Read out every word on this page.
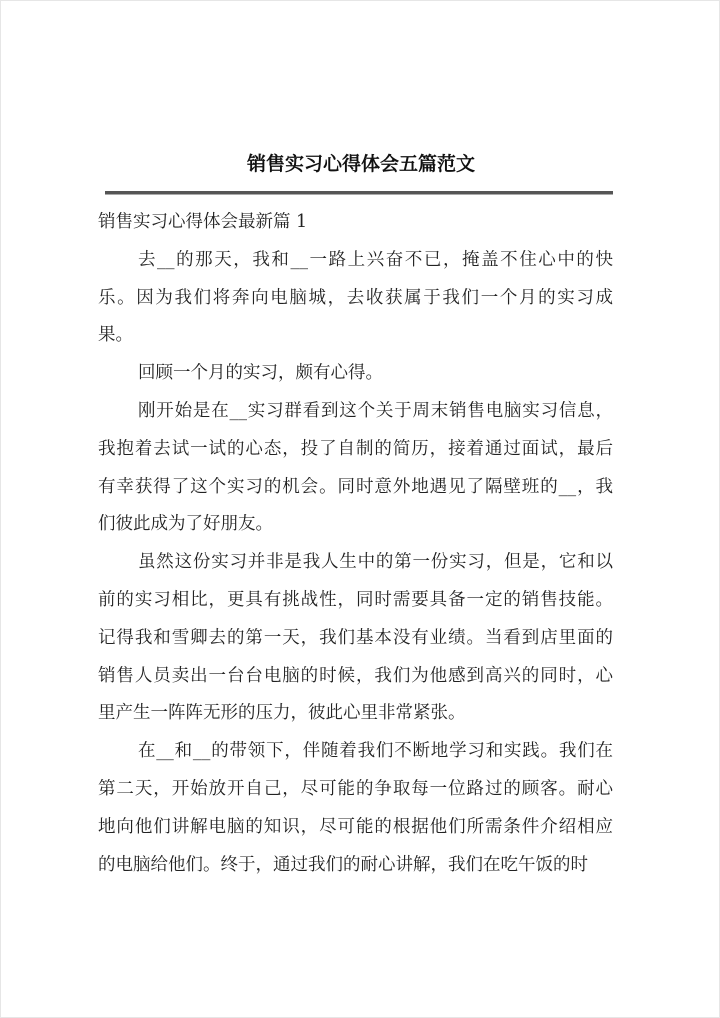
销售实习心得体会五篇范文
销售实习心得体会最新篇 1
去__的那天，我和__一路上兴奋不已，掩盖不住心中的快
乐。因为我们将奔向电脑城，去收获属于我们一个月的实习成
果。
回顾一个月的实习，颇有心得。
刚开始是在__实习群看到这个关于周末销售电脑实习信息，
我抱着去试一试的心态，投了自制的简历，接着通过面试，最后
有幸获得了这个实习的机会。同时意外地遇见了隔壁班的__，我
们彼此成为了好朋友。
虽然这份实习并非是我人生中的第一份实习，但是，它和以
前的实习相比，更具有挑战性，同时需要具备一定的销售技能。
记得我和雪卿去的第一天，我们基本没有业绩。当看到店里面的
销售人员卖出一台台电脑的时候，我们为他感到高兴的同时，心
里产生一阵阵无形的压力，彼此心里非常紧张。
在__和__的带领下，伴随着我们不断地学习和实践。我们在
第二天，开始放开自己，尽可能的争取每一位路过的顾客。耐心
地向他们讲解电脑的知识，尽可能的根据他们所需条件介绍相应
的电脑给他们。终于，通过我们的耐心讲解，我们在吃午饭的时
